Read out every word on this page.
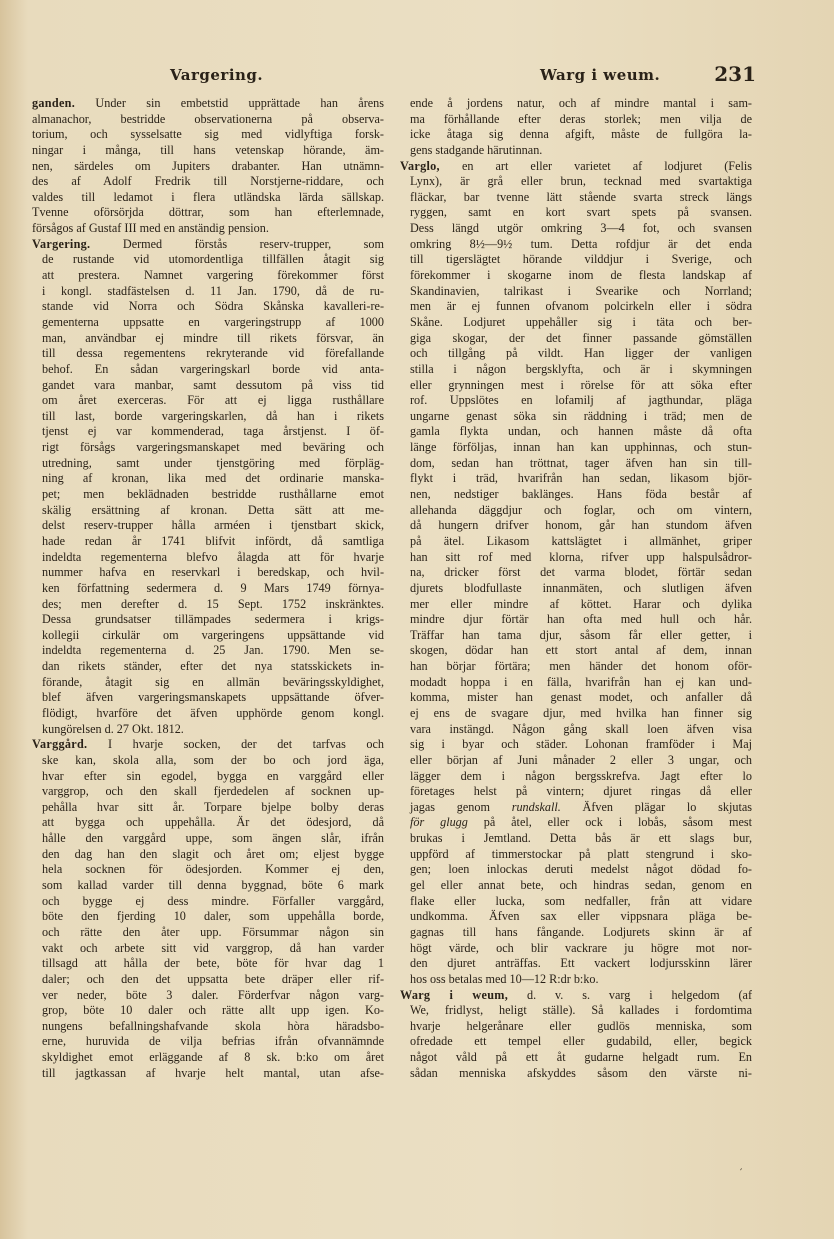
Vargering.	Warg i weum.	231
ganden. Under sin embetstid upprättade han årens
almanachor, bestridde observationerna på observa-
torium, och sysselsatte sig med vidlyftiga forsk-
ningar i många, till hans vetenskap hörande, äm-
nen, särdeles om Jupiters drabanter. Han utnämn-
des af Adolf Fredrik till Norstjerne-riddare, och
valdes till ledamot i flera utländska lärda sällskap.
Tvenne oförsörjda döttrar, som han efterlemnade,
försågos af Gustaf III med en anständig pension.
Vargering. Dermed förstås reserv-trupper, som
de rustande vid utomordentliga tillfällen åtagit sig
att prestera. Namnet vargering förekommer först
i kongl. stadfästelsen d. 11 Jan. 1790, då de ru-
stande vid Norra och Södra Skånska kavalleri-re-
gementerna uppsatte en vargeringstrupp af 1000
man, användbar ej mindre till rikets försvar, än
till dessa regementens rekryterande vid förefallande
behof. En sådan vargeringskarl borde vid anta-
gandet vara manbar, samt dessutom på viss tid
om året exerceras. För att ej ligga rusthållare
till last, borde vargeringskarlen, då han i rikets
tjenst ej var kommenderad, taga årstjenst. I öf-
rigt försågs vargeringsmanskapet med beväring och
utredning, samt under tjenstgöring med förpläg-
ning af kronan, lika med det ordinarie manska-
pet; men beklädnaden bestridde rusthållarne emot
skälig ersättning af kronan. Detta sätt att me-
delst reserv-trupper hålla arméen i tjenstbart skick,
hade redan år 1741 blifvit infördt, då samtliga
indeldta regementerna blefvo ålagda att för hvarje
nummer hafva en reservkarl i beredskap, och hvil-
ken författning sedermera d. 9 Mars 1749 förnya-
des; men derefter d. 15 Sept. 1752 inskränktes.
Dessa grundsatser tillämpades sedermera i krigs-
kollegii cirkulär om vargeringens uppsättande vid
indeldta regementerna d. 25 Jan. 1790. Men se-
dan rikets ständer, efter det nya statsskickets in-
förande, åtagit sig en allmän beväringsskyldighet,
blef äfven vargeringsmanskapets uppsättande öfver-
flödigt, hvarföre det äfven upphörde genom kongl.
kungörelsen d. 27 Okt. 1812.
Varggård. I hvarje socken, der det tarfvas och
ske kan, skola alla, som der bo och jord äga,
hvar efter sin egodel, bygga en varggård eller
varggrop, och den skall fjerdedelen af socknen up-
pehålla hvar sitt år. Torpare bjelpe bolby deras
att bygga och uppehålla. Är det ödesjord, då
hålle den varggård uppe, som ängen slår, ifrån
den dag han den slagit och året om; eljest bygge
hela socknen för ödesjorden. Kommer ej den,
som kallad varder till denna byggnad, böte 6 mark
och bygge ej dess mindre. Förfaller varggård,
böte den fjerding 10 daler, som uppehålla borde,
och rätte den åter upp. Försummar någon sin
vakt och arbete sitt vid varggrop, då han varder
tillsagd att hålla der bete, böte för hvar dag 1
daler; och den det uppsatta bete dräper eller rif-
ver neder, böte 3 daler. Förderfvar någon varg-
grop, böte 10 daler och rätte allt upp igen. Ko-
nungens befallningshafvande skola hòra häradsbo-
erne, huruvida de vilja befrias ifrån ofvannämnde
skyldighet emot erläggande af 8 sk. b:ko om året
till jagtkassan af hvarje helt mantal, utan afse-
ende å jordens natur, och af mindre mantal i sam-
ma förhållande efter deras storlek; men vilja de
icke åtaga sig denna afgift, måste de fullgöra la-
gens stadgande härutinnan.
Varglo, en art eller varietet af lodjuret (Felis
Lynx), är grå eller brun, tecknad med svartaktiga
fläckar, bar tvenne lätt stående svarta streck längs
ryggen, samt en kort svart spets på svansen.
Dess längd utgör omkring 3—4 fot, och svansen
omkring 8½—9½ tum. Detta rofdjur är det enda
till tigerslägtet hörande vilddjur i Sverige, och
förekommer i skogarne inom de flesta landskap af
Skandinavien, talrikast i Svearike och Norrland;
men är ej funnen ofvanom polcirkeln eller i södra
Skåne. Lodjuret uppehåller sig i täta och ber-
giga skogar, der det finner passande gömställen
och tillgång på vildt. Han ligger der vanligen
stilla i någon bergsklyfta, och är i skymningen
eller grynningen mest i rörelse för att söka efter
rof. Uppslötes en lofamilj af jagthundar, pläga
ungarne genast söka sin räddning i träd; men de
gamla flykta undan, och hannen måste då ofta
länge förföljas, innan han kan upphinnas, och stun-
dom, sedan han tröttnat, tager äfven han sin till-
flykt i träd, hvarifrån han sedan, likasom björ-
nen, nedstiger baklänges. Hans föda består af
allehanda däggdjur och foglar, och om vintern,
då hungern drifver honom, går han stundom äfven
på ätel. Likasom kattslägtet i allmänhet, griper
han sitt rof med klorna, rifver upp halspulsådror-
na, dricker först det varma blodet, förtär sedan
djurets blodfullaste innanmäten, och slutligen äfven
mer eller mindre af köttet. Harar och dylika
mindre djur förtär han ofta med hull och hår.
Träffar han tama djur, såsom får eller getter, i
skogen, dödar han ett stort antal af dem, innan
han börjar förtära; men händer det honom oför-
modadt hoppa i en fälla, hvarifrån han ej kan und-
komma, mister han genast modet, och anfaller då
ej ens de svagare djur, med hvilka han finner sig
vara instängd. Någon gång skall loen äfven visa
sig i byar och städer. Lohonan framföder i Maj
eller början af Juni månader 2 eller 3 ungar, och
lägger dem i någon bergsskrefva. Jagt efter lo
företages helst på vintern; djuret ringas då eller
jagas genom rundskall. Äfven plägar lo skjutas
för glugg på åtel, eller ock i lobås, såsom mest
brukas i Jemtland. Detta bås är ett slags bur,
uppförd af timmerstockar på platt stengrund i sko-
gen; loen inlockas deruti medelst något dödad fo-
gel eller annat bete, och hindras sedan, genom en
flake eller lucka, som nedfaller, från att vidare
undkomma. Äfven sax eller vippsnara pläga be-
gagnas till hans fångande. Lodjurets skinn är af
högt värde, och blir vackrare ju högre mot nor-
den djuret anträffas. Ett vackert lodjursskinn lärer
hos oss betalas med 10—12 R:dr b:ko.
Warg i weum, d. v. s. varg i helgedom (af
We, fridlyst, heligt ställe). Så kallades i fordomtima
hvarje helgerånare eller gudlös menniska, som
ofredade ett tempel eller gudabild, eller, begick
något våld på ett åt gudarne helgadt rum. En
sådan menniska afskyddes såsom den värste ni-
′
